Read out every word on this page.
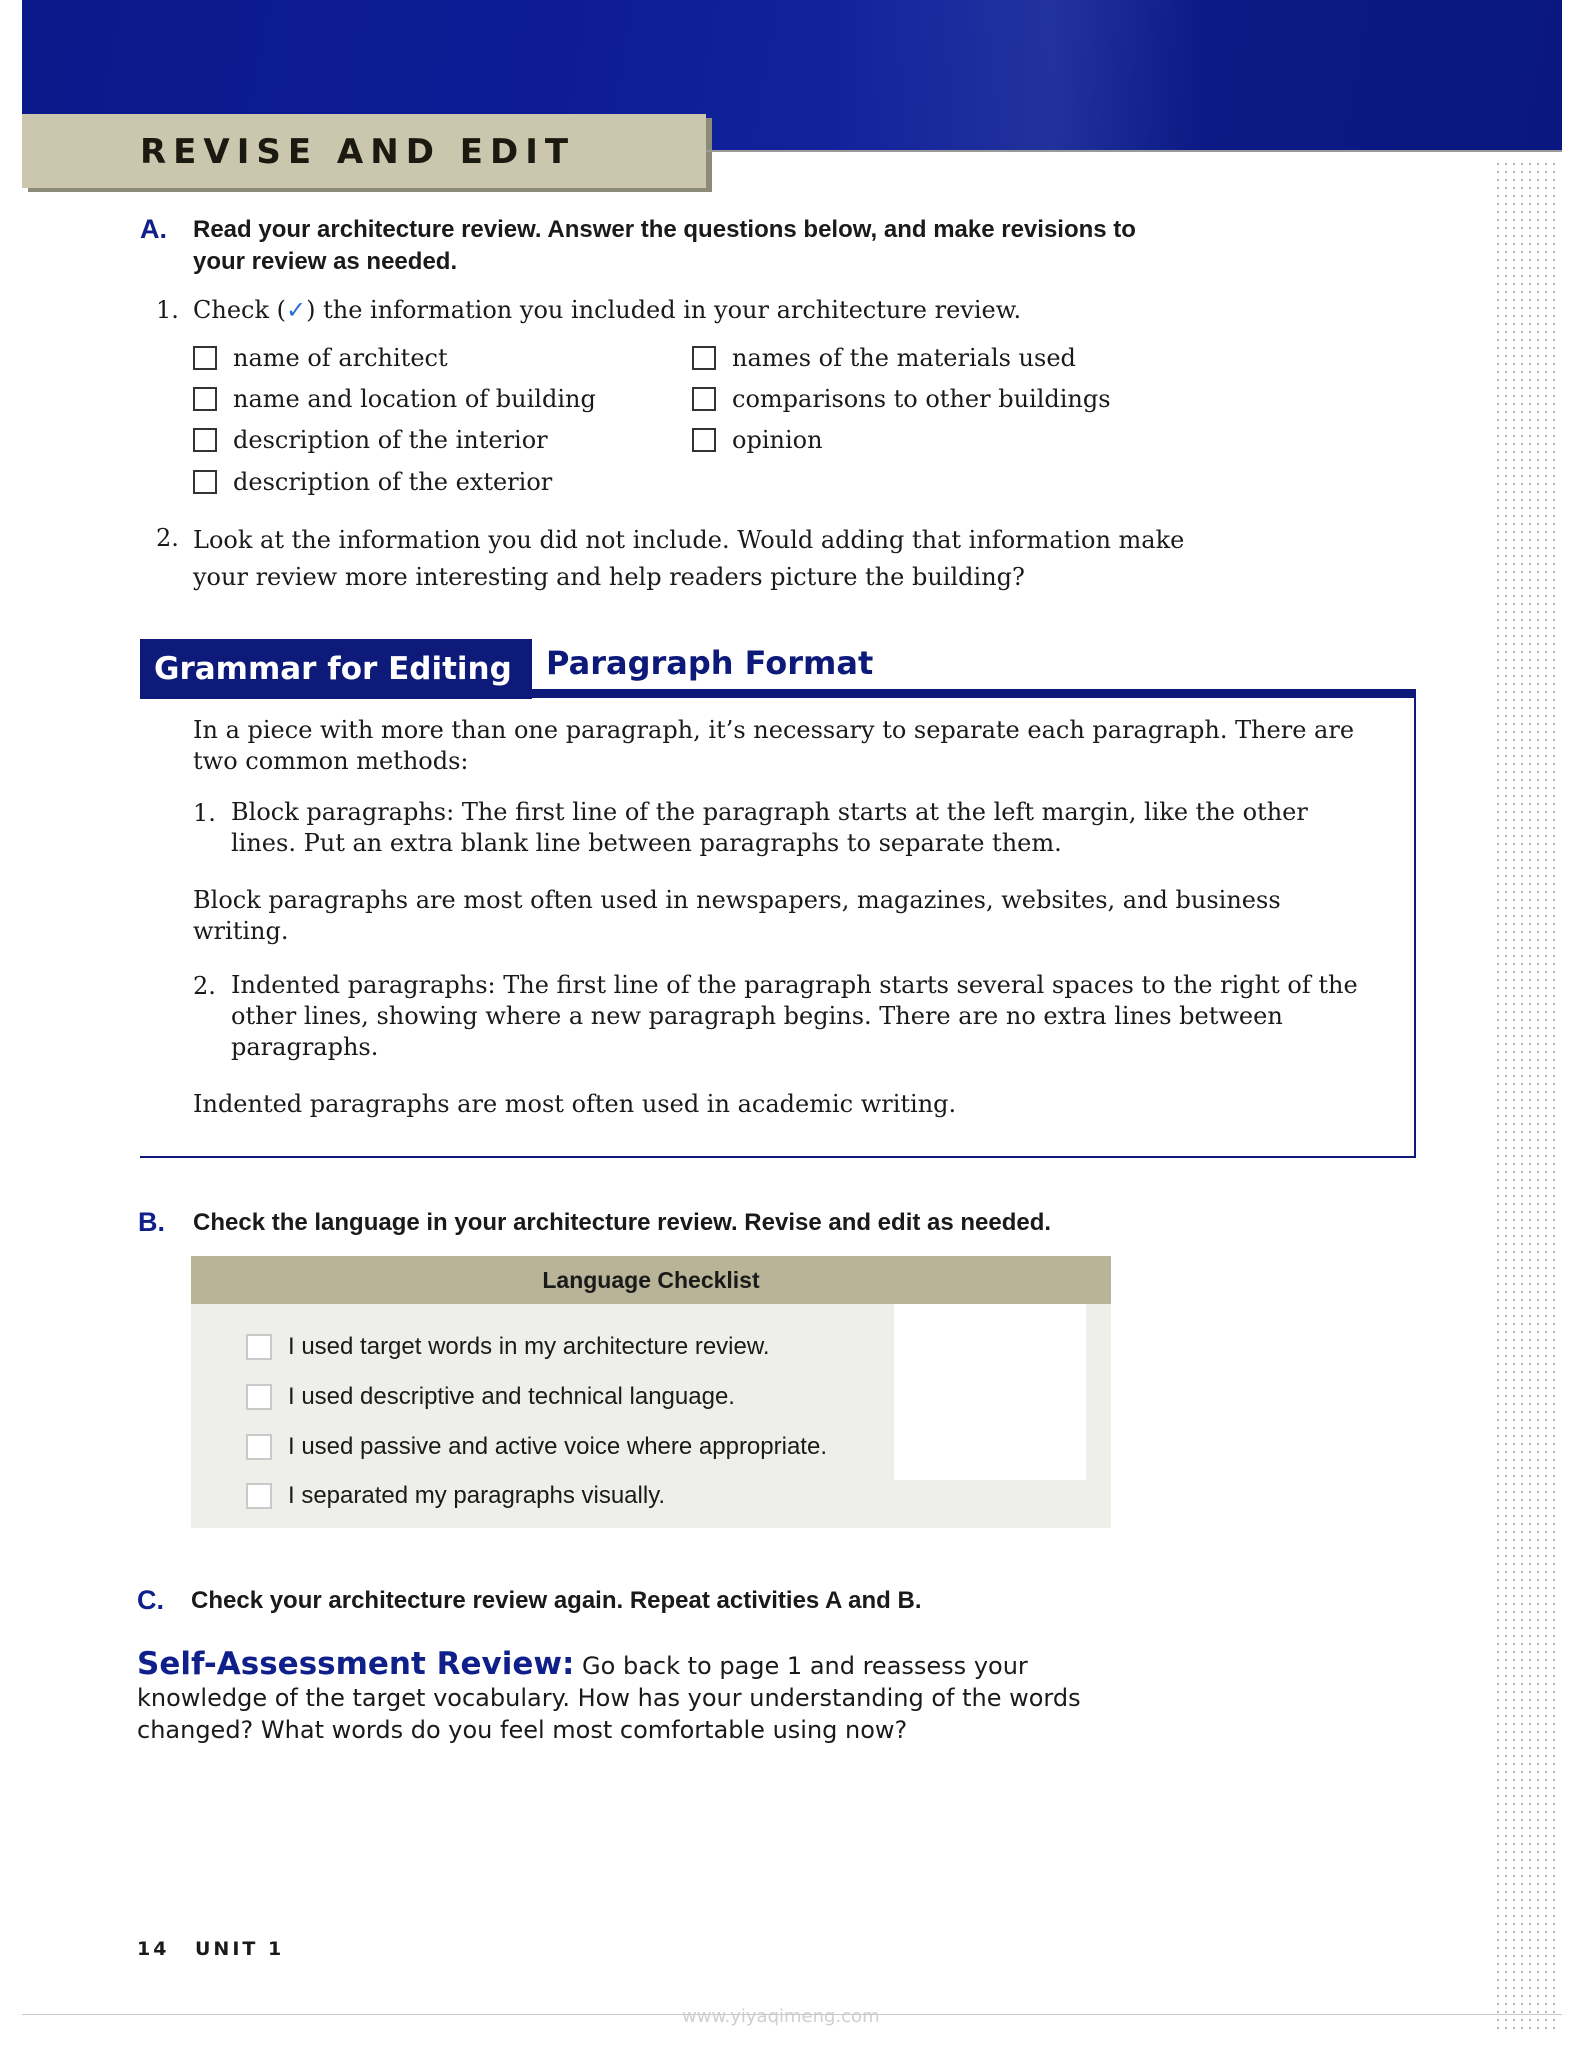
REVISE AND EDIT
A. Read your architecture review. Answer the questions below, and make revisions to your review as needed.
1. Check (✓) the information you included in your architecture review.
name of architect
name and location of building
description of the interior
description of the exterior
names of the materials used
comparisons to other buildings
opinion
2. Look at the information you did not include. Would adding that information make your review more interesting and help readers picture the building?
Grammar for Editing	Paragraph Format
In a piece with more than one paragraph, it’s necessary to separate each paragraph. There are two common methods:
1. Block paragraphs: The first line of the paragraph starts at the left margin, like the other lines. Put an extra blank line between paragraphs to separate them.
Block paragraphs are most often used in newspapers, magazines, websites, and business writing.
2. Indented paragraphs: The first line of the paragraph starts several spaces to the right of the other lines, showing where a new paragraph begins. There are no extra lines between paragraphs.
Indented paragraphs are most often used in academic writing.
B. Check the language in your architecture review. Revise and edit as needed.
Language Checklist
I used target words in my architecture review.
I used descriptive and technical language.
I used passive and active voice where appropriate.
I separated my paragraphs visually.
C. Check your architecture review again. Repeat activities A and B.
Self-Assessment Review: Go back to page 1 and reassess your knowledge of the target vocabulary. How has your understanding of the words changed? What words do you feel most comfortable using now?
14 UNIT 1
www.yiyaqimeng.com
